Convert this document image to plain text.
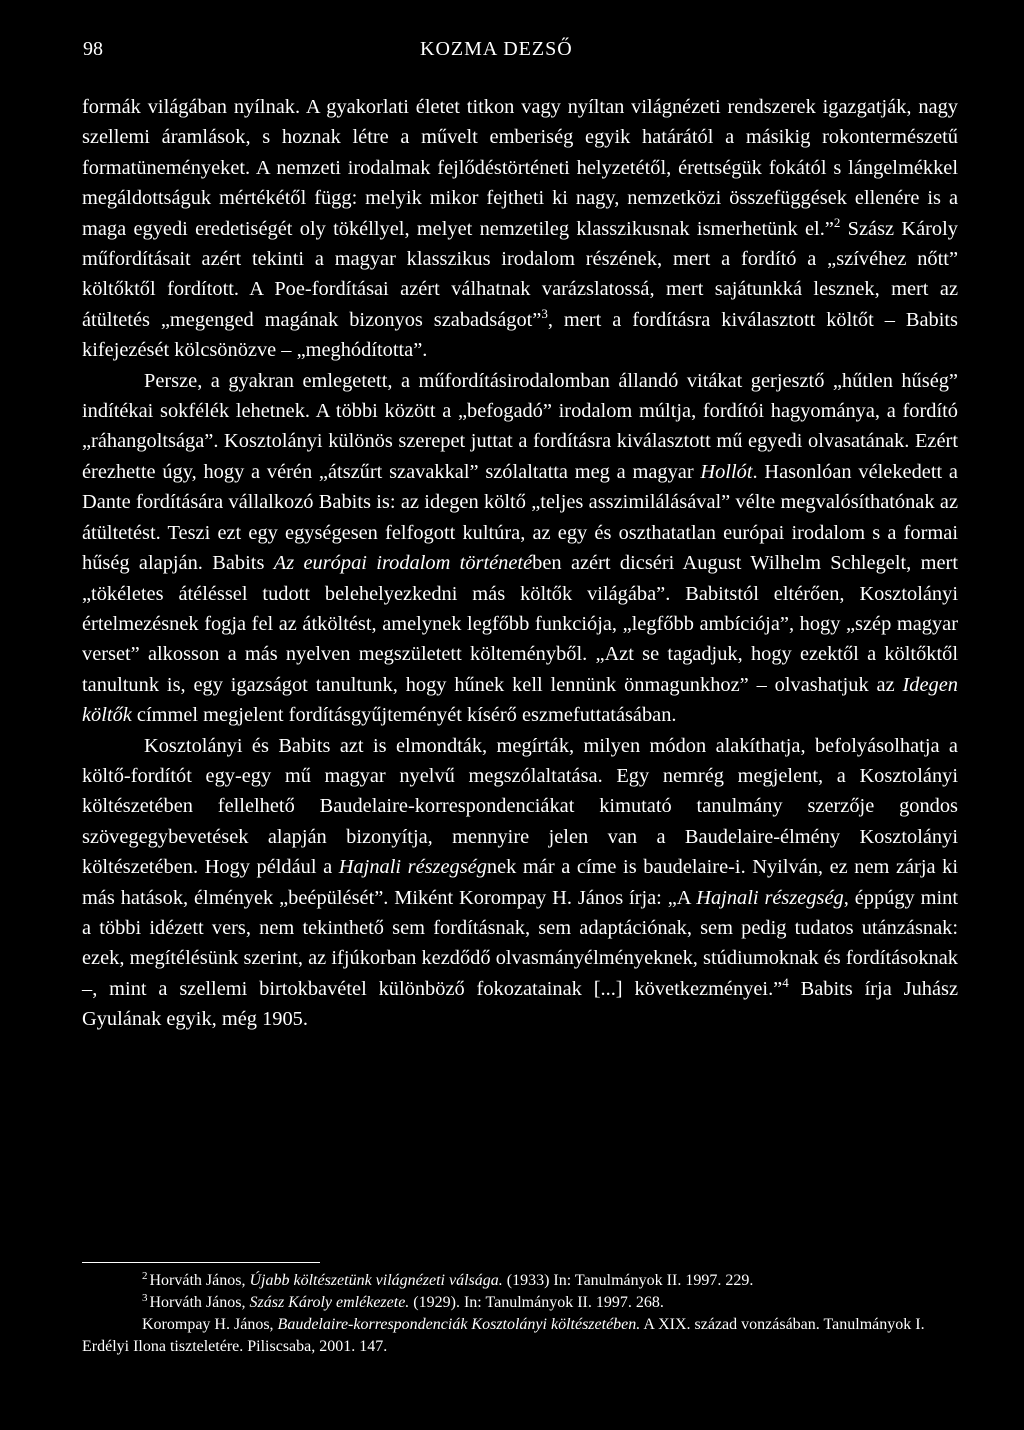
98	KOZMA DEZSŐ

formák világában nyílnak. A gyakorlati életet titkon vagy nyíltan világnézeti rendszerek igazgatják, nagy szellemi áramlások, s hoznak létre a művelt emberiség egyik határától a másikig rokontermészetű formatüneményeket. A nemzeti irodalmak fejlődéstörténeti helyzetétől, érettségük fokától s lángelmékkel megáldottságuk mértékétől függ: melyik mikor fejtheti ki nagy, nemzetközi összefüggések ellenére is a maga egyedi eredetiségét oly tökéllyel, melyet nemzetileg klasszikusnak ismerhetünk el.”$^2$ Szász Károly műfordításait azért tekinti a magyar klasszikus irodalom részének, mert a fordító a „szívéhez nőtt” költőktől fordított. A Poe-fordításai azért válhatnak varázslatossá, mert sajátunkká lesznek, mert az átültetés „megenged magának bizonyos szabadságot”$^3$, mert a fordításra kiválasztott költőt – Babits kifejezését kölcsönözve – „meghódította”.

Persze, a gyakran emlegetett, a műfordításirodalomban állandó vitákat gerjesztő „hűtlen hűség” indítékai sokfélék lehetnek. A többi között a „befogadó” irodalom múltja, fordítói hagyománya, a fordító „ráhangoltsága”. Kosztolányi különös szerepet juttat a fordításra kiválasztott mű egyedi olvasatának. Ezért érezhette úgy, hogy a vérén „átszűrt szavakkal” szólaltatta meg a magyar Hollót. Hasonlóan vélekedett a Dante fordítására vállalkozó Babits is: az idegen költő „teljes asszimilálásával” vélte megvalósíthatónak az átültetést. Teszi ezt egy egységesen felfogott kultúra, az egy és oszthatatlan európai irodalom s a formai hűség alapján. Babits Az európai irodalom történetében azért dicséri August Wilhelm Schlegelt, mert „tökéletes átéléssel tudott belehelyezkedni más költők világába”. Babitstól eltérően, Kosztolányi értelmezésnek fogja fel az átköltést, amelynek legfőbb funkciója, „legfőbb ambíciója”, hogy „szép magyar verset” alkosson a más nyelven megszületett költeményből. „Azt se tagadjuk, hogy ezektől a költőktől tanultunk is, egy igazságot tanultunk, hogy hűnek kell lennünk önmagunkhoz” – olvashatjuk az Idegen költők címmel megjelent fordításgyűjteményét kísérő eszmefuttatásában.

Kosztolányi és Babits azt is elmondták, megírták, milyen módon alakíthatja, befolyásolhatja a költő-fordítót egy-egy mű magyar nyelvű megszólaltatása. Egy nemrég megjelent, a Kosztolányi költészetében fellelhető Baudelaire-korrespondenciákat kimutató tanulmány szerzője gondos szövegegybevetések alapján bizonyítja, mennyire jelen van a Baudelaire-élmény Kosztolányi költészetében. Hogy például a Hajnali részegségnek már a címe is baudelaire-i. Nyilván, ez nem zárja ki más hatások, élmények „beépülését”. Miként Korompay H. János írja: „A Hajnali részegség, éppúgy mint a többi idézett vers, nem tekinthető sem fordításnak, sem adaptációnak, sem pedig tudatos utánzásnak: ezek, megítélésünk szerint, az ifjúkorban kezdődő olvasmányélményeknek, stúdiumoknak és fordításoknak –, mint a szellemi birtokbavétel különböző fokozatainak [...] következményei.”$^4$ Babits írja Juhász Gyulának egyik, még 1905.

$^2$ Horváth János, Újabb költészetünk világnézeti válsága. (1933) In: Tanulmányok II. 1997. 229.

$^3$ Horváth János, Szász Károly emlékezete. (1929). In: Tanulmányok II. 1997. 268.

Korompay H. János, Baudelaire-korrespondenciák Kosztolányi költészetében. A XIX. század vonzásában. Tanulmányok I. Erdélyi Ilona tiszteletére. Piliscsaba, 2001. 147.
